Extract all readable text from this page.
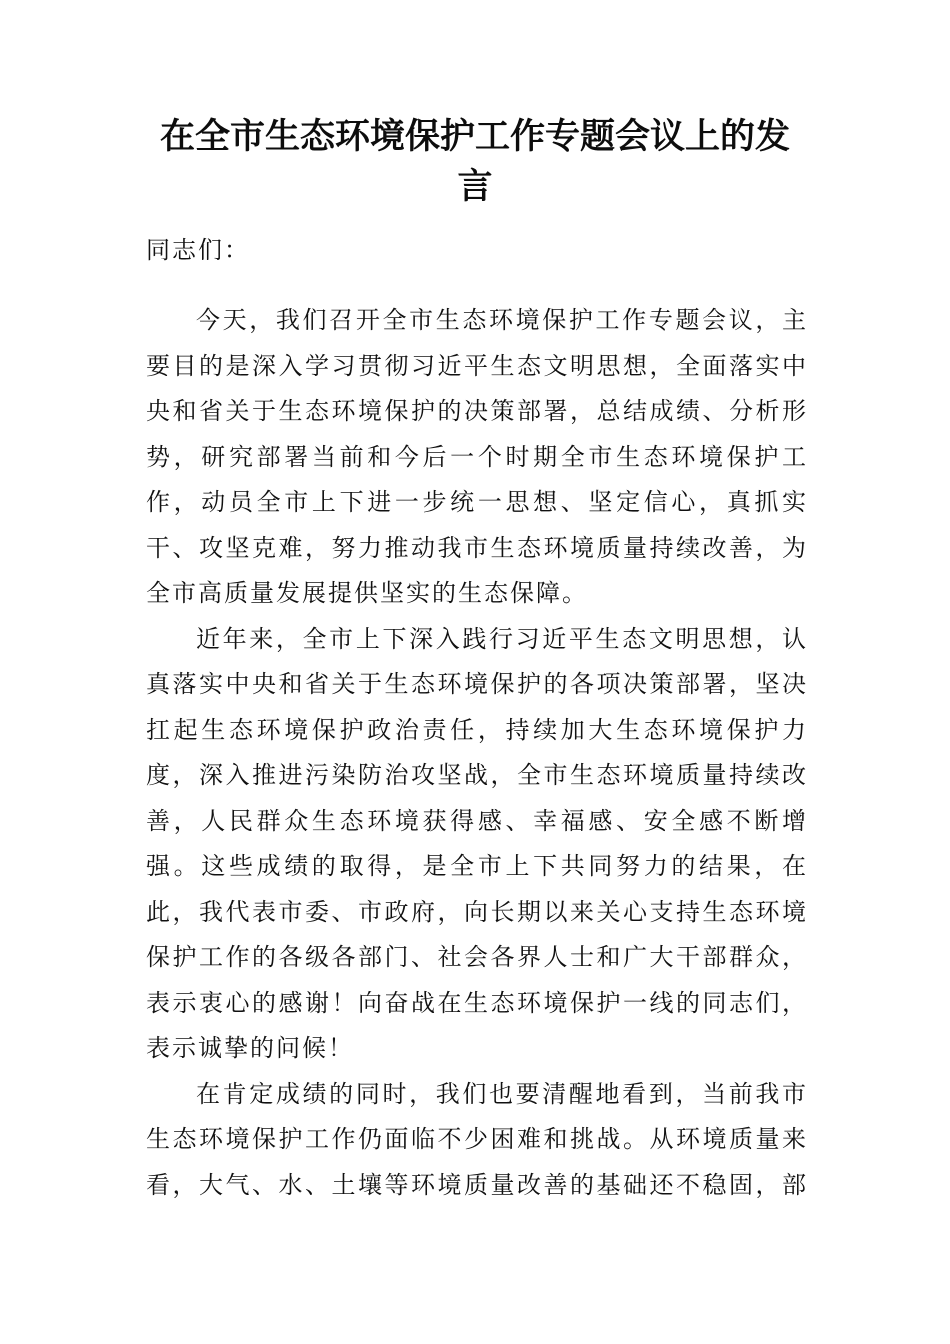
在全市生态环境保护工作专题会议上的发
言

同志们：

今天，我们召开全市生态环境保护工作专题会议，主
要目的是深入学习贯彻习近平生态文明思想，全面落实中
央和省关于生态环境保护的决策部署，总结成绩、分析形
势，研究部署当前和今后一个时期全市生态环境保护工
作，动员全市上下进一步统一思想、坚定信心，真抓实
干、攻坚克难，努力推动我市生态环境质量持续改善，为
全市高质量发展提供坚实的生态保障。

近年来，全市上下深入践行习近平生态文明思想，认
真落实中央和省关于生态环境保护的各项决策部署，坚决
扛起生态环境保护政治责任，持续加大生态环境保护力
度，深入推进污染防治攻坚战，全市生态环境质量持续改
善，人民群众生态环境获得感、幸福感、安全感不断增
强。这些成绩的取得，是全市上下共同努力的结果，在
此，我代表市委、市政府，向长期以来关心支持生态环境
保护工作的各级各部门、社会各界人士和广大干部群众，
表示衷心的感谢！向奋战在生态环境保护一线的同志们，
表示诚挚的问候！

在肯定成绩的同时，我们也要清醒地看到，当前我市
生态环境保护工作仍面临不少困难和挑战。从环境质量来
看，大气、水、土壤等环境质量改善的基础还不稳固，部
